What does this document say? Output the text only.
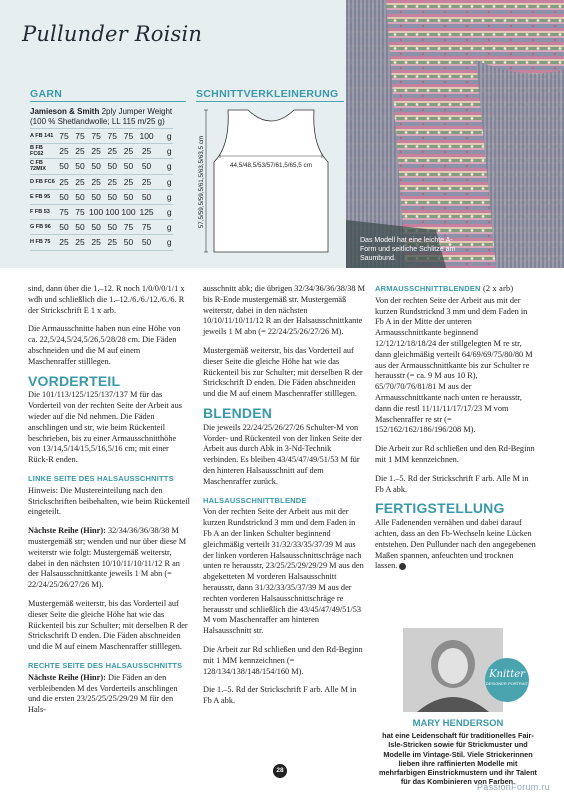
Pullunder Roisin
GARN	SCHNITTVERKLEINERUNG
Jamieson & Smith 2ply Jumper Weight (100 % Shetlandwolle; LL 115 m/25 g)
A FB 141	75	75	75	75	75	100	g
B FB FC62	25	25	25	25	25	25	g
C FB 72MIX	50	50	50	50	50	50	g
D FB FC6	25	25	25	25	25	25	g
E FB 95	50	50	50	50	50	50	g
F FB 53	75	75	100	100	100	125	g
G FB 96	50	50	50	50	75	75	g
H FB 75	25	25	25	25	50	50	g
44,5/48,5/53/57/61,5/65,5 cm
57,5/59,5/59,5/61,5/63,5/63,5 cm
Das Modell hat eine leichte A-Form und seitliche Schlitze am Saumbund.

sind, dann über die 1.–12. R noch 1/0/0/0/1/1 x wdh und schließlich die 1.–12./6./6./12./6./6. R der Strickschrift E 1 x arb.

Die Armausschnitte haben nun eine Höhe von ca. 22,5/24,5/24,5/26,5/28/28 cm. Die Fäden abschneiden und die M auf einem Maschenraffer stilllegen.

VORDERTEIL

Die 101/113/125/125/137/137 M für das Vorderteil von der rechten Seite der Arbeit aus wieder auf die Nd nehmen. Die Fäden anschlingen und str, wie beim Rückenteil beschrieben, bis zu einer Armausschnitthöhe von 13/14,5/14/15,5/16,5/16 cm; mit einer Rück-R enden.

LINKE SEITE DES HALSAUSSCHNITTS

Hinweis: Die Mustereinteilung nach den Strickschriften beibehalten, wie beim Rückenteil eingeteilt.

Nächste Reihe (Hinr): 32/34/36/36/38/38 M mustergemäß str; wenden und nur über diese M weiterstr wie folgt: Mustergemäß weiterstr, dabei in den nächsten 10/10/11/10/11/12 R an der Halsausschnittkante jeweils 1 M abn (= 22/24/25/26/27/26 M).

Mustergemäß weiterstr, bis das Vorderteil auf dieser Seite die gleiche Höhe hat wie das Rückenteil bis zur Schulter; mit derselben R der Strickschrift D enden. Die Fäden abschneiden und die M auf einem Maschenraffer stilllegen.

RECHTE SEITE DES HALSAUSSCHNITTS

Nächste Reihe (Hinr): Die Fäden an den verbleibenden M des Vorderteils anschlingen und die ersten 23/25/25/25/29/29 M für den Hals-

ausschnitt abk; die übrigen 32/34/36/36/38/38 M bis R-Ende mustergemäß str. Mustergemäß weiterstr, dabei in den nächsten 10/10/11/10/11/12 R an der Halsausschnittkante jeweils 1 M abn (= 22/24/25/26/27/26 M).

Mustergemäß weiterstr, bis das Vorderteil auf dieser Seite die gleiche Höhe hat wie das Rückenteil bis zur Schulter; mit derselben R der Strickschrift D enden. Die Fäden abschneiden und die M auf einem Maschenraffer stilllegen.

BLENDEN

Die jeweils 22/24/25/26/27/26 Schulter-M von Vorder- und Rückenteil von der linken Seite der Arbeit aus durch Abk in 3-Nd-Technik verbinden. Es bleiben 43/45/47/49/51/53 M für den hinteren Halsausschnitt auf dem Maschenraffer zurück.

HALSAUSSCHNITTBLENDE

Von der rechten Seite der Arbeit aus mit der kurzen Rundstricknd 3 mm und dem Faden in Fb A an der linken Schulter beginnend gleichmäßig verteilt 31/32/33/35/37/39 M aus der linken vorderen Halsausschnittschräge nach unten re herausstr, 23/25/25/29/29/29 M aus den abgeketteten M vorderen Halsausschnitt herausstr, dann 31/32/33/35/37/39 M aus der rechten vorderen Halsausschnittschräge re herausstr und schließlich die 43/45/47/49/51/53 M vom Maschenraffer am hinteren Halsausschnitt str.

Die Arbeit zur Rd schließen und den Rd-Beginn mit 1 MM kennzeichnen (= 128/134/138/148/154/160 M).

Die 1.–5. Rd der Strickschrift F arb. Alle M in Fb A abk.

ARMAUSSCHNITTBLENDEN (2 x arb)

Von der rechten Seite der Arbeit aus mit der kurzen Rundstricknd 3 mm und dem Faden in Fb A in der Mitte der unteren Armausschnittkante beginnend 12/12/12/18/18/24 der stillgelegten M re str, dann gleichmäßig verteilt 64/69/69/75/80/80 M aus der Armausschnittkante bis zur Schulter re herausstr (= ca. 9 M aus 10 R), 65/70/70/76/81/81 M aus der Armausschnittkante nach unten re herausstr, dann die restl 11/11/11/17/17/23 M vom Maschenraffer re str (= 152/162/162/186/196/208 M).

Die Arbeit zur Rd schließen und den Rd-Beginn mit 1 MM kennzeichnen.

Die 1.–5. Rd der Strickschrift F arb. Alle M in Fb A abk.

FERTIGSTELLUNG

Alle Fadenenden vernähen und dabei darauf achten, dass an den Fb-Wechseln keine Lücken entstehen. Den Pullunder nach den angegebenen Maßen spannen, anfeuchten und trocknen lassen.

Knitter
DESIGNER PORTRAIT
MARY HENDERSON
hat eine Leidenschaft für traditionelles Fair-Isle-Stricken sowie für Strickmuster und Modelle im Vintage-Stil. Viele Strickerinnen lieben ihre raffinierten Modelle mit mehrfarbigen Einstrickmustern und ihr Talent für das Kombinieren von Farben.
28
PassionForum.ru
